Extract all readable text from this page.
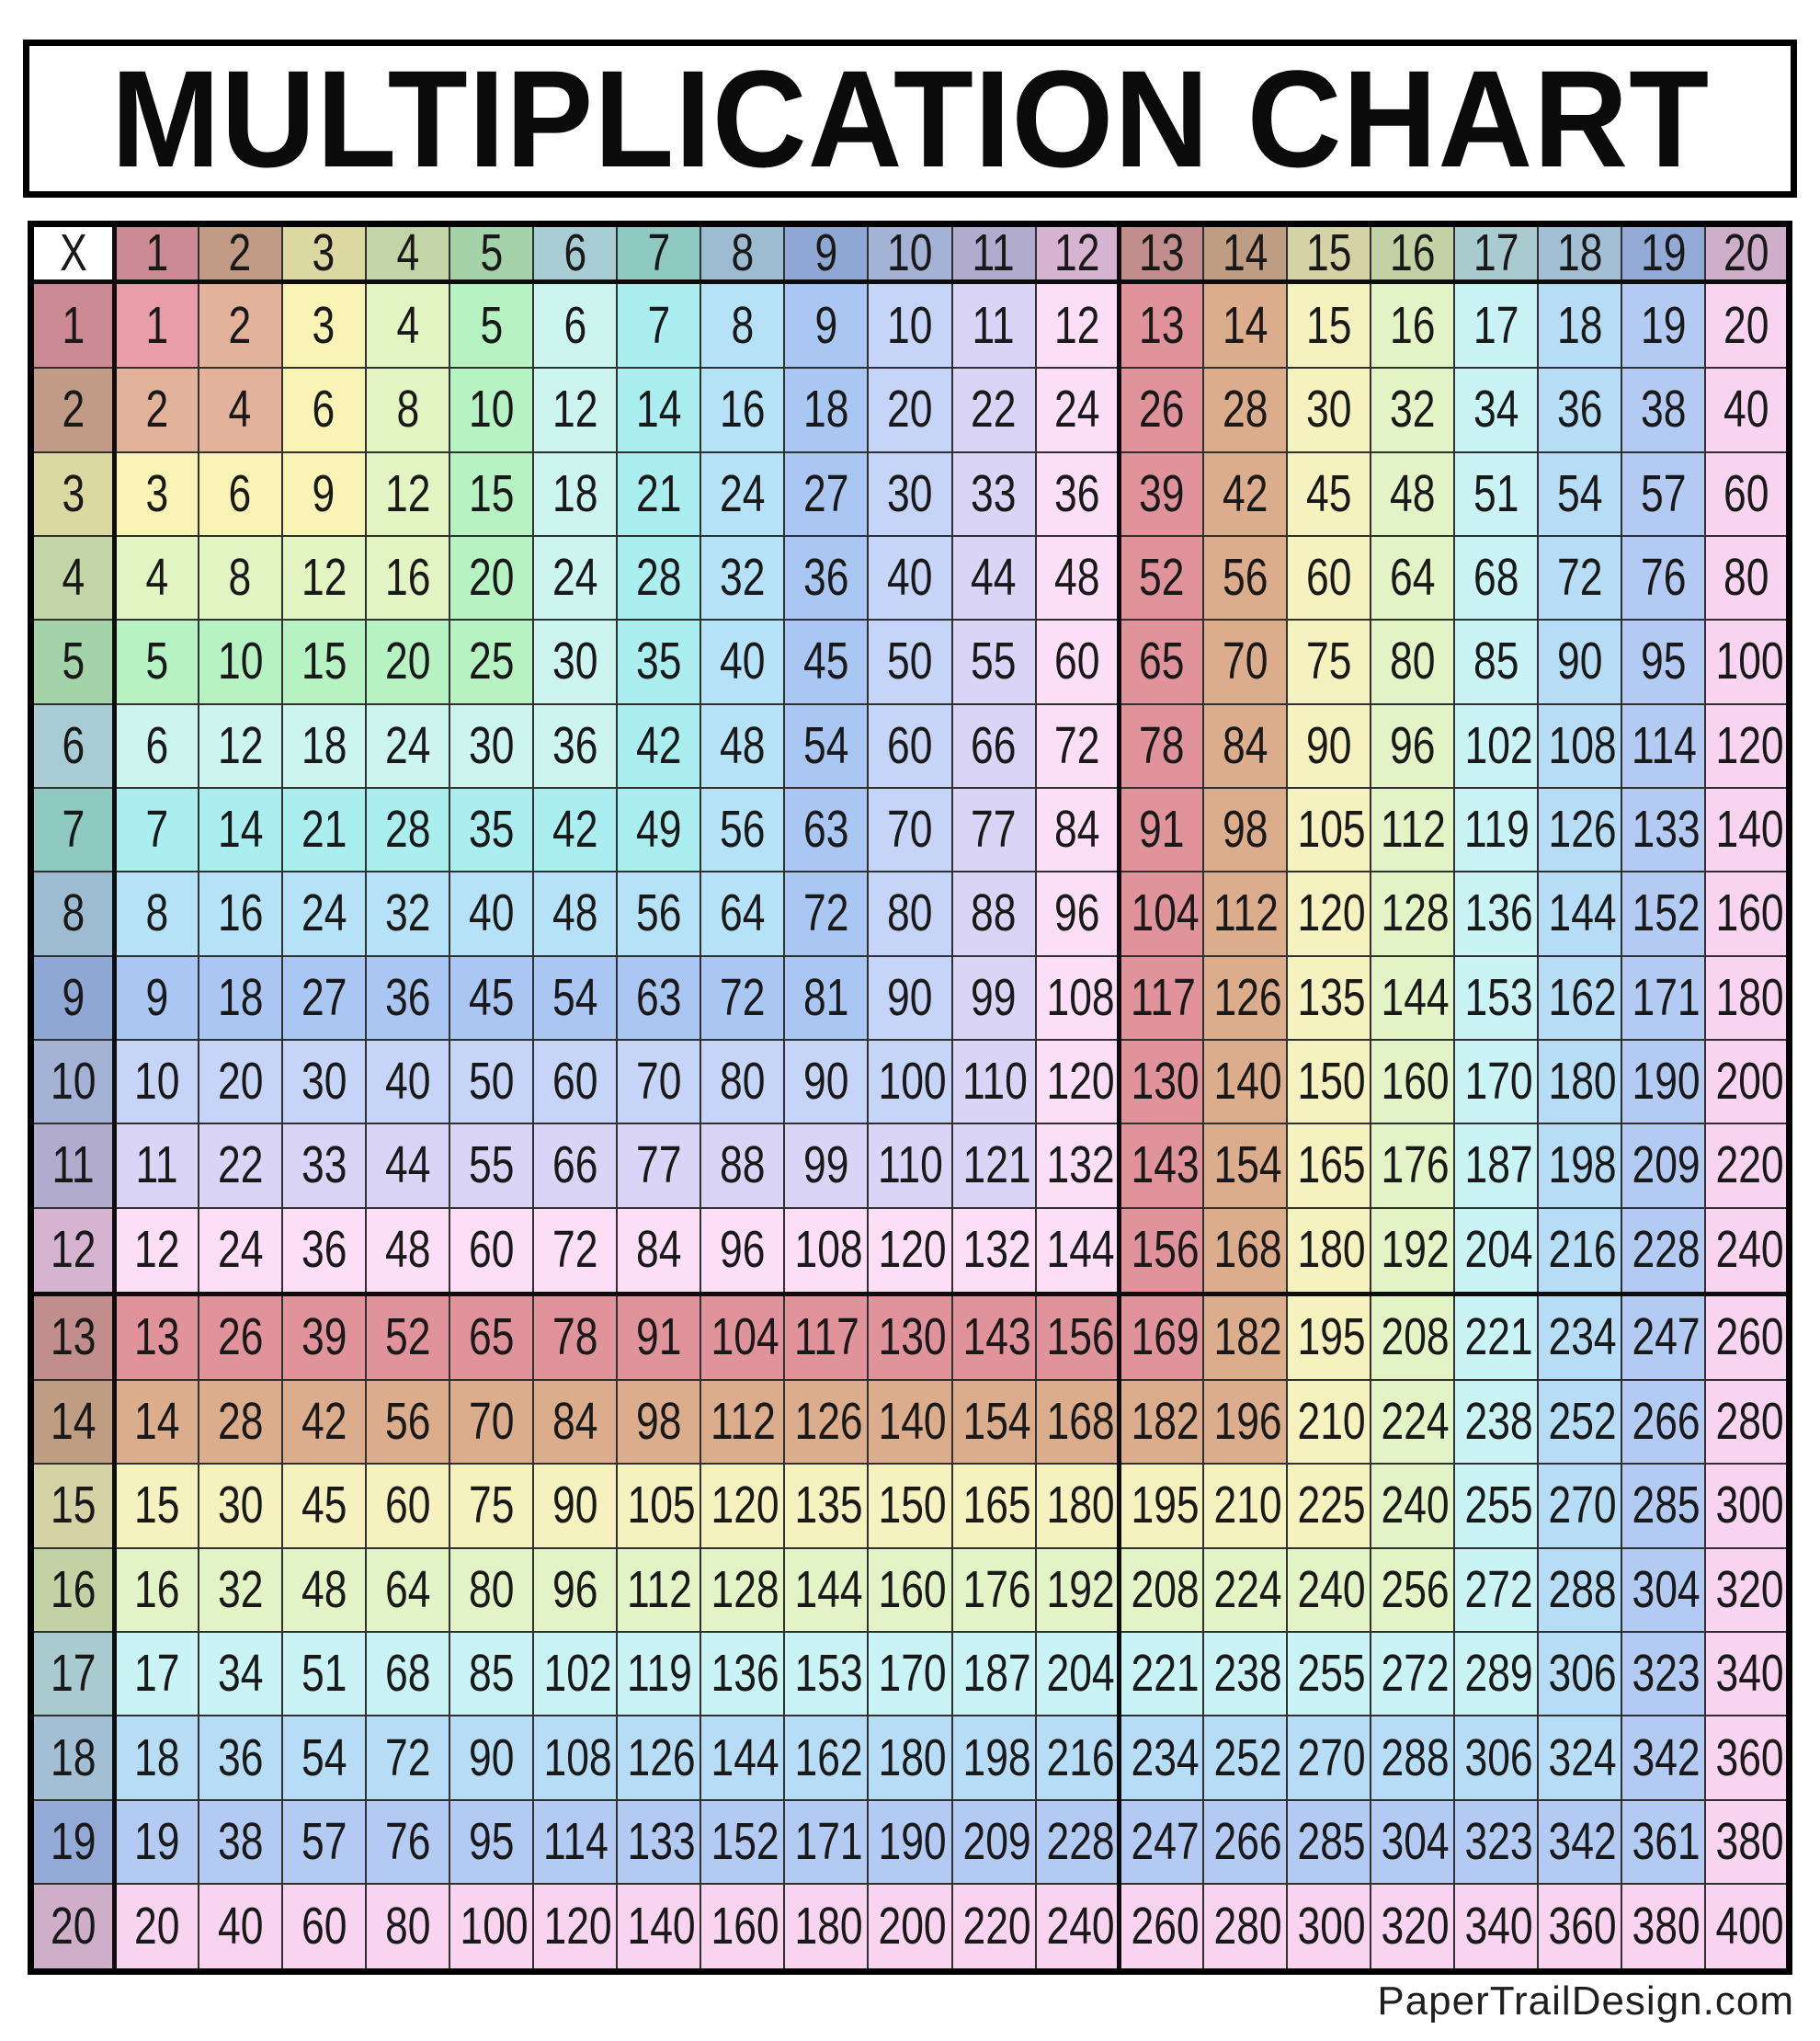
MULTIPLICATION CHART
X	1	2	3	4	5	6	7	8	9	10	11	12	13	14	15	16	17	18	19	20
1	1	2	3	4	5	6	7	8	9	10	11	12	13	14	15	16	17	18	19	20
2	2	4	6	8	10	12	14	16	18	20	22	24	26	28	30	32	34	36	38	40
3	3	6	9	12	15	18	21	24	27	30	33	36	39	42	45	48	51	54	57	60
4	4	8	12	16	20	24	28	32	36	40	44	48	52	56	60	64	68	72	76	80
5	5	10	15	20	25	30	35	40	45	50	55	60	65	70	75	80	85	90	95	100
6	6	12	18	24	30	36	42	48	54	60	66	72	78	84	90	96	102	108	114	120
7	7	14	21	28	35	42	49	56	63	70	77	84	91	98	105	112	119	126	133	140
8	8	16	24	32	40	48	56	64	72	80	88	96	104	112	120	128	136	144	152	160
9	9	18	27	36	45	54	63	72	81	90	99	108	117	126	135	144	153	162	171	180
10	10	20	30	40	50	60	70	80	90	100	110	120	130	140	150	160	170	180	190	200
11	11	22	33	44	55	66	77	88	99	110	121	132	143	154	165	176	187	198	209	220
12	12	24	36	48	60	72	84	96	108	120	132	144	156	168	180	192	204	216	228	240
13	13	26	39	52	65	78	91	104	117	130	143	156	169	182	195	208	221	234	247	260
14	14	28	42	56	70	84	98	112	126	140	154	168	182	196	210	224	238	252	266	280
15	15	30	45	60	75	90	105	120	135	150	165	180	195	210	225	240	255	270	285	300
16	16	32	48	64	80	96	112	128	144	160	176	192	208	224	240	256	272	288	304	320
17	17	34	51	68	85	102	119	136	153	170	187	204	221	238	255	272	289	306	323	340
18	18	36	54	72	90	108	126	144	162	180	198	216	234	252	270	288	306	324	342	360
19	19	38	57	76	95	114	133	152	171	190	209	228	247	266	285	304	323	342	361	380
20	20	40	60	80	100	120	140	160	180	200	220	240	260	280	300	320	340	360	380	400
PaperTrailDesign.com
